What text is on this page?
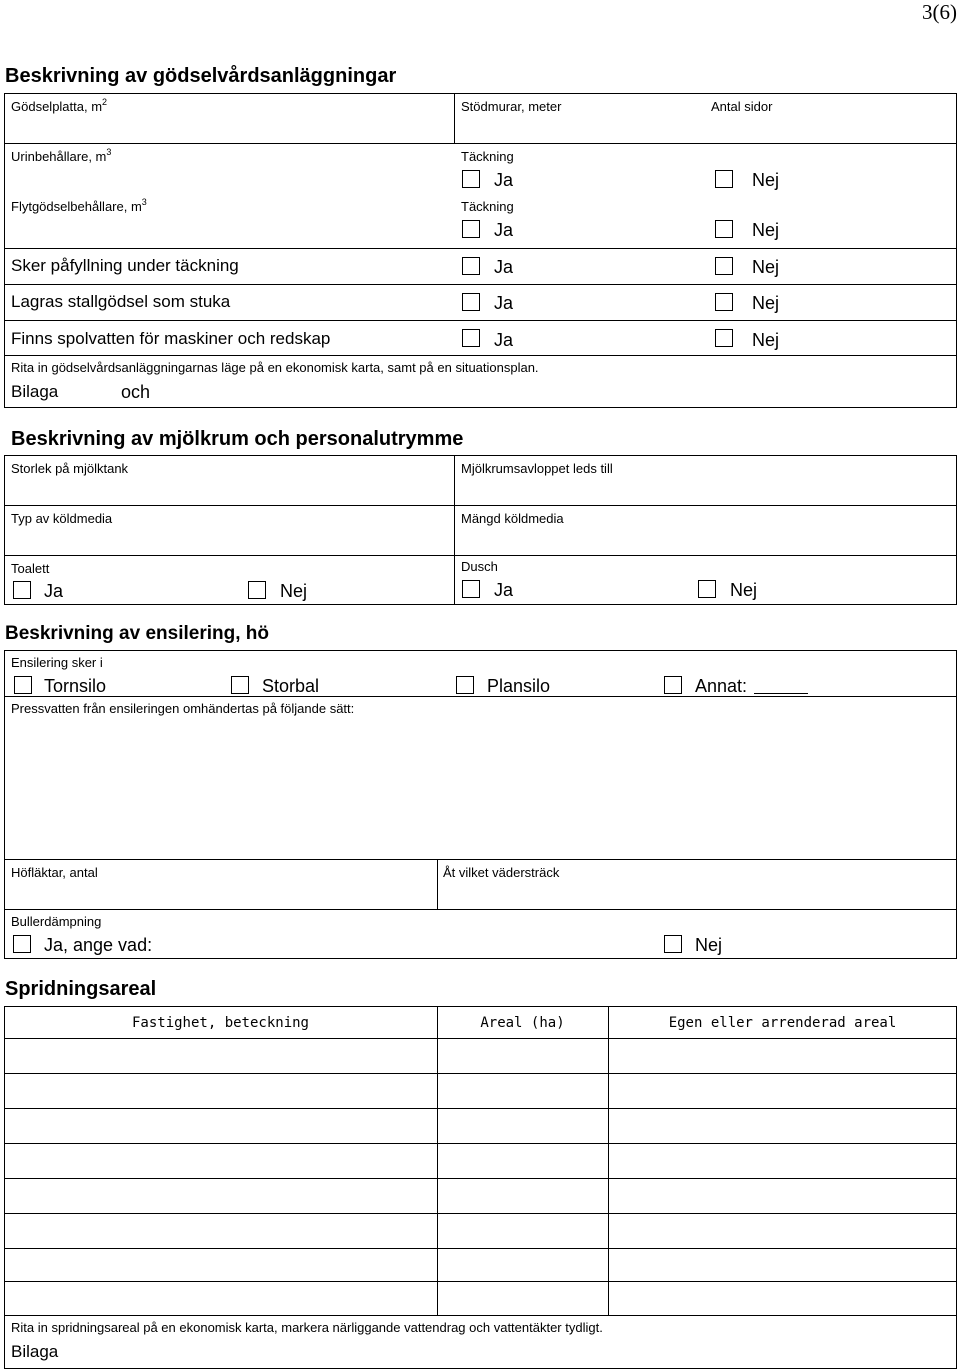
3(6)
Beskrivning av gödselvårdsanläggningar
Gödselplatta, $m^2$	Stödmurar, meter	Antal sidor
Urinbehållare, $m^3$	Täckning
Ja	Nej
Flytgödselbehållare, $m^3$	Täckning
Ja	Nej
Sker påfyllning under täckning	Ja	Nej
Lagras stallgödsel som stuka	Ja	Nej
Finns spolvatten för maskiner och redskap	Ja	Nej
Rita in gödselvårdsanläggningarnas läge på en ekonomisk karta, samt på en situationsplan.
Bilaga	och
Beskrivning av mjölkrum och personalutrymme
Storlek på mjölktank	Mjölkrumsavloppet leds till
Typ av köldmedia	Mängd köldmedia
Toalett
Ja	Nej
Dusch
Ja	Nej
Beskrivning av ensilering, hö
Ensilering sker i
Tornsilo	Storbal	Plansilo	Annat:
Pressvatten från ensileringen omhändertas på följande sätt:
Höfläktar, antal	Åt vilket vädersträck
Bullerdämpning
Ja, ange vad:	Nej
Spridningsareal
Fastighet, beteckning	Areal (ha)	Egen eller arrenderad areal
Rita in spridningsareal på en ekonomisk karta, markera närliggande vattendrag och vattentäkter tydligt.
Bilaga
